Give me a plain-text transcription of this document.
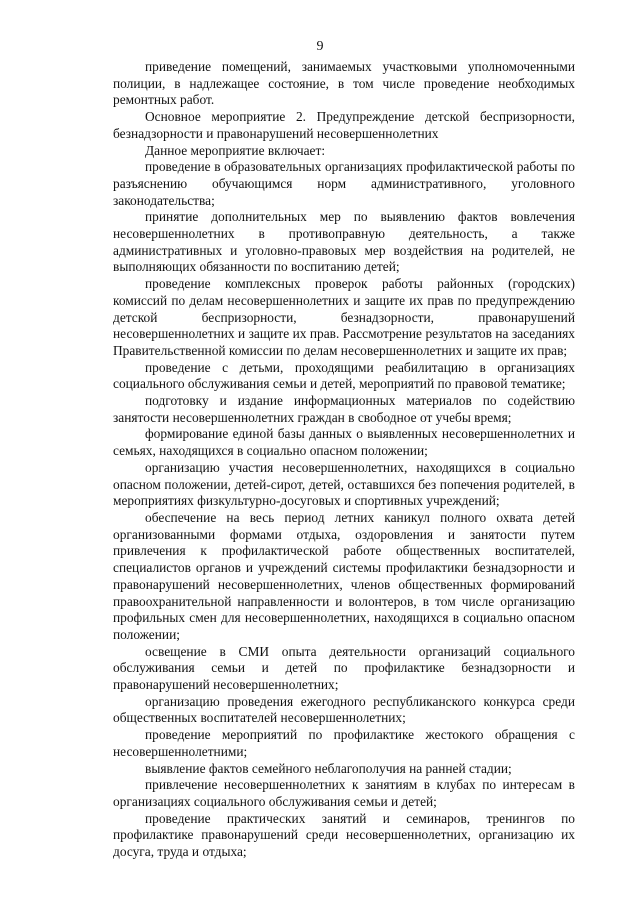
9

приведение помещений, занимаемых участковыми уполномоченными полиции, в надлежащее состояние, в том числе проведение необходимых ремонтных работ.

Основное мероприятие 2. Предупреждение детской беспризорности, безнадзорности и правонарушений несовершеннолетних

Данное мероприятие включает:

проведение в образовательных организациях профилактической работы по разъяснению обучающимся норм административного, уголовного законодательства;

принятие дополнительных мер по выявлению фактов вовлечения несовершеннолетних в противоправную деятельность, а также административных и уголовно-правовых мер воздействия на родителей, не выполняющих обязанности по воспитанию детей;

проведение комплексных проверок работы районных (городских) комиссий по делам несовершеннолетних и защите их прав по предупреждению детской беспризорности, безнадзорности, правонарушений несовершеннолетних и защите их прав. Рассмотрение результатов на заседаниях Правительственной комиссии по делам несовершеннолетних и защите их прав;

проведение с детьми, проходящими реабилитацию в организациях социального обслуживания семьи и детей, мероприятий по правовой тематике;

подготовку и издание информационных материалов по содействию занятости несовершеннолетних граждан в свободное от учебы время;

формирование единой базы данных о выявленных несовершеннолетних и семьях, находящихся в социально опасном положении;

организацию участия несовершеннолетних, находящихся в социально опасном положении, детей-сирот, детей, оставшихся без попечения родителей, в мероприятиях физкультурно-досуговых и спортивных учреждений;

обеспечение на весь период летних каникул полного охвата детей организованными формами отдыха, оздоровления и занятости путем привлечения к профилактической работе общественных воспитателей, специалистов органов и учреждений системы профилактики безнадзорности и правонарушений несовершеннолетних, членов общественных формирований правоохранительной направленности и волонтеров, в том числе организацию профильных смен для несовершеннолетних, находящихся в социально опасном положении;

освещение в СМИ опыта деятельности организаций социального обслуживания семьи и детей по профилактике безнадзорности и правонарушений несовершеннолетних;

организацию проведения ежегодного республиканского конкурса среди общественных воспитателей несовершеннолетних;

проведение мероприятий по профилактике жестокого обращения с несовершеннолетними;

выявление фактов семейного неблагополучия на ранней стадии;

привлечение несовершеннолетних к занятиям в клубах по интересам в организациях социального обслуживания семьи и детей;

проведение практических занятий и семинаров, тренингов по профилактике правонарушений среди несовершеннолетних, организацию их досуга, труда и отдыха;
